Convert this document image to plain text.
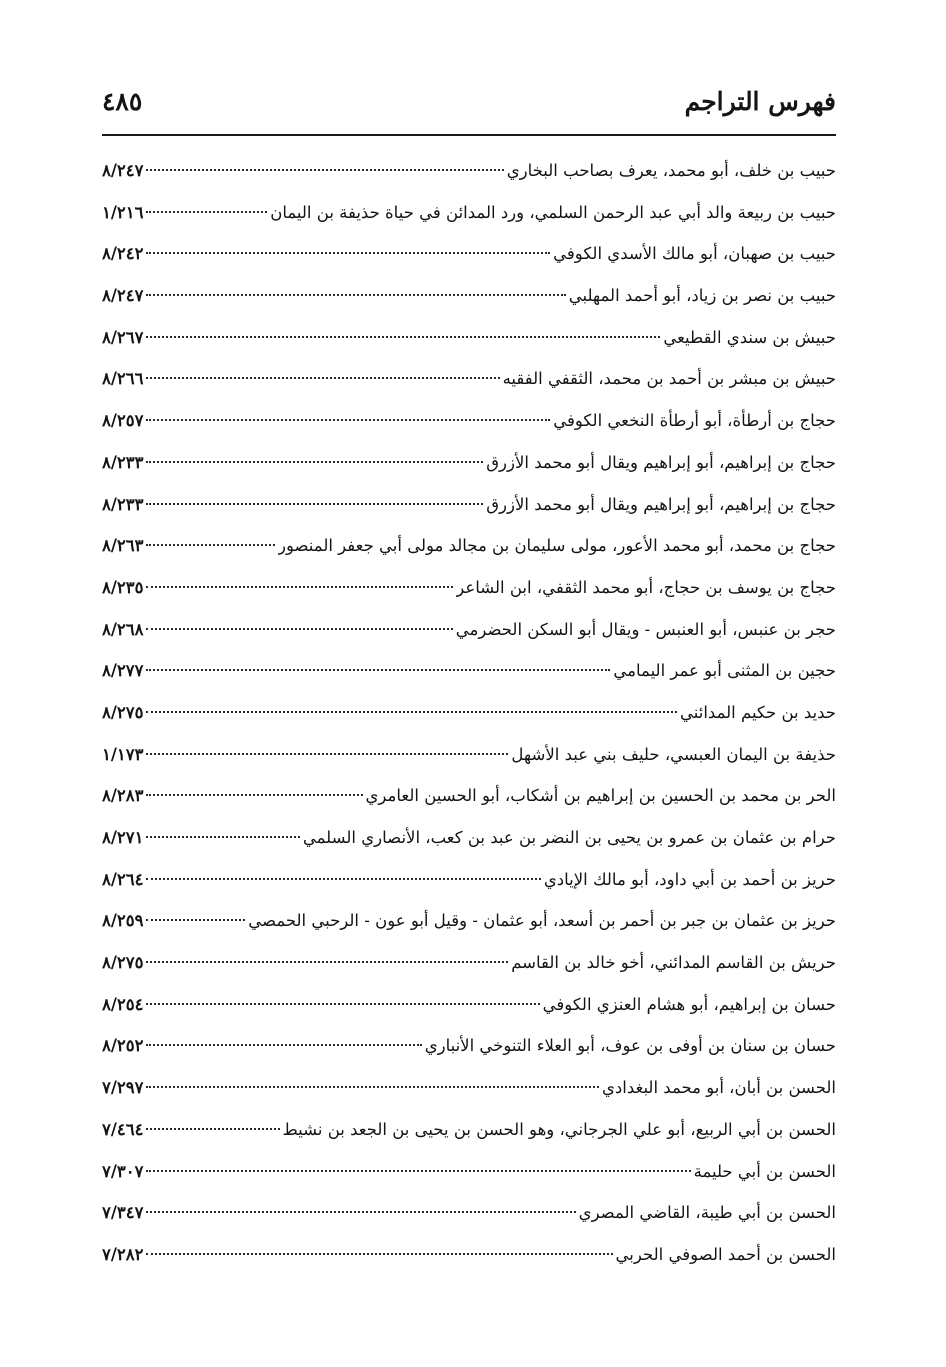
فهرس التراجم
٤٨٥
حبيب بن خلف، أبو محمد، يعرف بصاحب البخاري
٨/٢٤٧
حبيب بن ربيعة والد أبي عبد الرحمن السلمي، ورد المدائن في حياة حذيفة بن اليمان
١/٢١٦
حبيب بن صهبان، أبو مالك الأسدي الكوفي
٨/٢٤٢
حبيب بن نصر بن زياد، أبو أحمد المهلبي
٨/٢٤٧
حبيش بن سندي القطيعي
٨/٢٦٧
حبيش بن مبشر بن أحمد بن محمد، الثقفي الفقيه
٨/٢٦٦
حجاج بن أرطأة، أبو أرطأة النخعي الكوفي
٨/٢٥٧
حجاج بن إبراهيم، أبو إبراهيم ويقال أبو محمد الأزرق
٨/٢٣٣
حجاج بن إبراهيم، أبو إبراهيم ويقال أبو محمد الأزرق
٨/٢٣٣
حجاج بن محمد، أبو محمد الأعور، مولى سليمان بن مجالد مولى أبي جعفر المنصور
٨/٢٦٣
حجاج بن يوسف بن حجاج، أبو محمد الثقفي، ابن الشاعر
٨/٢٣٥
حجر بن عنبس، أبو العنبس - ويقال أبو السكن الحضرمي
٨/٢٦٨
حجين بن المثنى أبو عمر اليمامي
٨/٢٧٧
حديد بن حكيم المدائني
٨/٢٧٥
حذيفة بن اليمان العبسي، حليف بني عبد الأشهل
١/١٧٣
الحر بن محمد بن الحسين بن إبراهيم بن أشكاب، أبو الحسين العامري
٨/٢٨٣
حرام بن عثمان بن عمرو بن يحيى بن النضر بن عبد بن كعب، الأنصاري السلمي
٨/٢٧١
حريز بن أحمد بن أبي داود، أبو مالك الإيادي
٨/٢٦٤
حريز بن عثمان بن جبر بن أحمر بن أسعد، أبو عثمان - وقيل أبو عون - الرحبي الحمصي
٨/٢٥٩
حريش بن القاسم المدائني، أخو خالد بن القاسم
٨/٢٧٥
حسان بن إبراهيم، أبو هشام العنزي الكوفي
٨/٢٥٤
حسان بن سنان بن أوفى بن عوف، أبو العلاء التنوخي الأنباري
٨/٢٥٢
الحسن بن أبان، أبو محمد البغدادي
٧/٢٩٧
الحسن بن أبي الربيع، أبو علي الجرجاني، وهو الحسن بن يحيى بن الجعد بن نشيط
٧/٤٦٤
الحسن بن أبي حليمة
٧/٣٠٧
الحسن بن أبي طيبة، القاضي المصري
٧/٣٤٧
الحسن بن أحمد الصوفي الحربي
٧/٢٨٢
